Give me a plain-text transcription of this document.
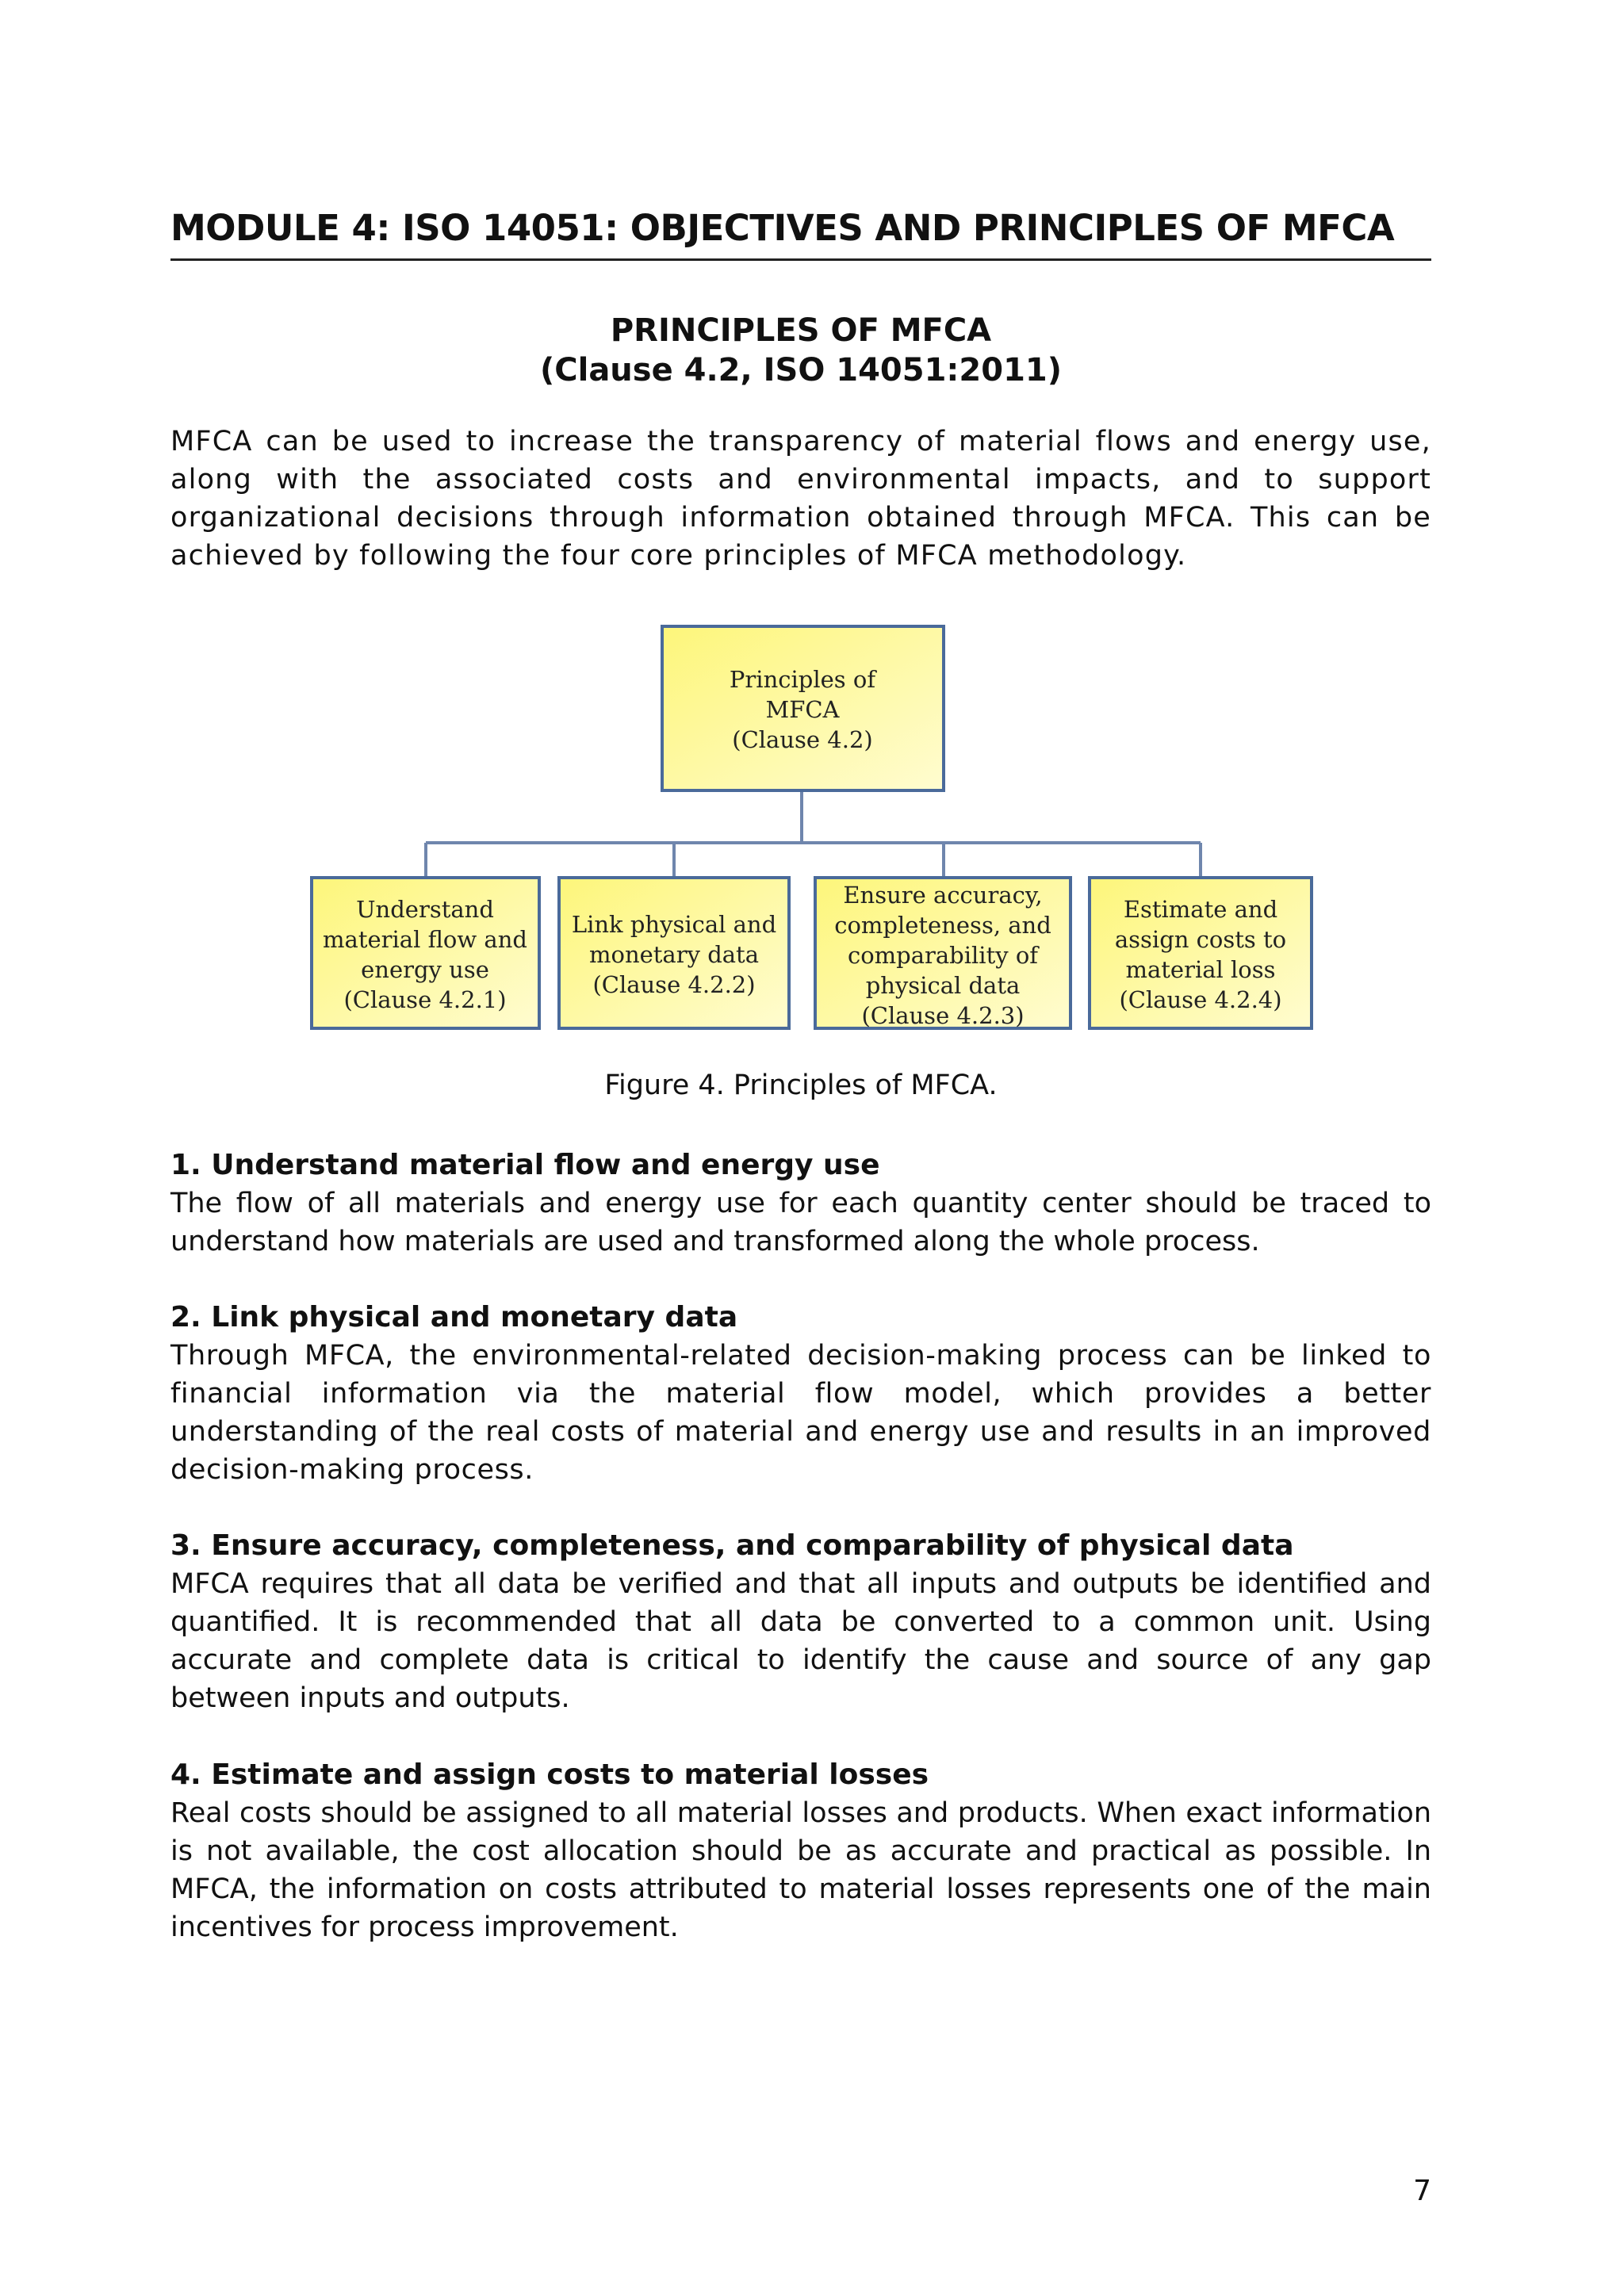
MODULE 4: ISO 14051: OBJECTIVES AND PRINCIPLES OF MFCA
PRINCIPLES OF MFCA
(Clause 4.2, ISO 14051:2011)

MFCA can be used to increase the transparency of material flows and energy use, along with the associated costs and environmental impacts, and to support organizational decisions through information obtained through MFCA. This can be achieved by following the four core principles of MFCA methodology.

Principles of
MFCA
(Clause 4.2)
Understand
material flow and
energy use
(Clause 4.2.1)
Link physical and
monetary data
(Clause 4.2.2)
Ensure accuracy,
completeness, and
comparability of
physical data
(Clause 4.2.3)
Estimate and
assign costs to
material loss
(Clause 4.2.4)
Figure 4. Principles of MFCA.
1. Understand material flow and energy use

The flow of all materials and energy use for each quantity center should be traced to understand how materials are used and transformed along the whole process.

2. Link physical and monetary data

Through MFCA, the environmental-related decision-making process can be linked to financial information via the material flow model, which provides a better understanding of the real costs of material and energy use and results in an improved decision-making process.

3. Ensure accuracy, completeness, and comparability of physical data

MFCA requires that all data be verified and that all inputs and outputs be identified and quantified. It is recommended that all data be converted to a common unit. Using accurate and complete data is critical to identify the cause and source of any gap between inputs and outputs.

4. Estimate and assign costs to material losses

Real costs should be assigned to all material losses and products. When exact information is not available, the cost allocation should be as accurate and practical as possible. In MFCA, the information on costs attributed to material losses represents one of the main incentives for process improvement.

7
